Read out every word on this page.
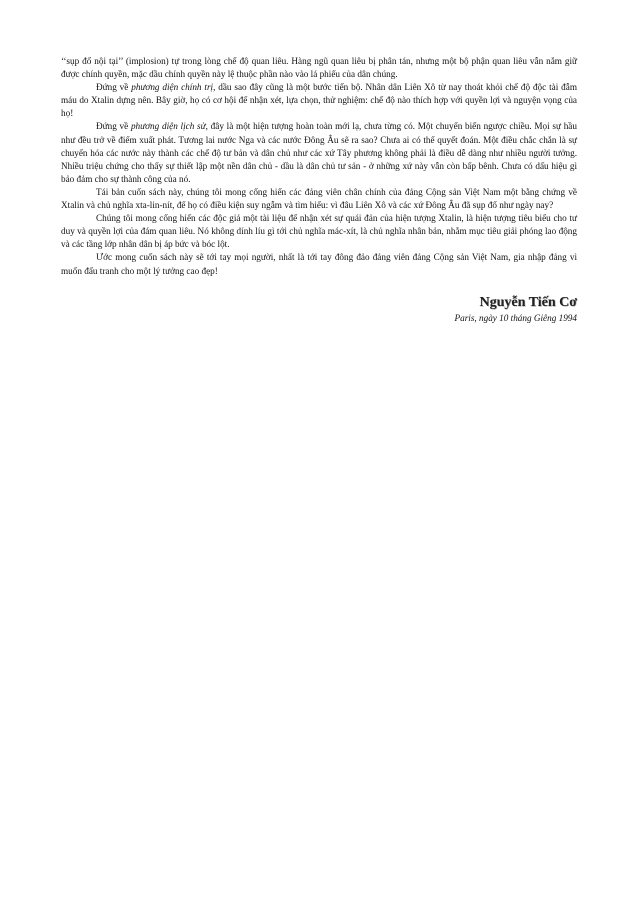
‘‘sụp đổ nội tại’’ (implosion) tự trong lòng chế độ quan liêu. Hàng ngũ quan liêu bị phân tán, nhưng một bộ phận quan liêu vẫn nắm giữ được chính quyền, mặc dầu chính quyền này lệ thuộc phần nào vào lá phiếu của dân chúng.

Đứng về phương diện chính trị, dầu sao đây cũng là một bước tiến bộ. Nhân dân Liên Xô từ nay thoát khỏi chế độ độc tài đẫm máu do Xtalin dựng nên. Bây giờ, họ có cơ hội để nhận xét, lựa chọn, thử nghiệm: chế độ nào thích hợp với quyền lợi và nguyện vọng của họ!

Đứng về phương diện lịch sử, đây là một hiện tượng hoàn toàn mới lạ, chưa từng có. Một chuyển biến ngược chiều. Mọi sự hầu như đều trở về điểm xuất phát. Tương lai nước Nga và các nước Đông Âu sẽ ra sao? Chưa ai có thể quyết đoán. Một điều chắc chắn là sự chuyển hóa các nước này thành các chế độ tư bản và dân chủ như các xứ Tây phương không phải là điều dễ dàng như nhiều người tưởng. Nhiều triệu chứng cho thấy sự thiết lập một nền dân chủ - dầu là dân chủ tư sản - ở những xứ này vẫn còn bấp bênh. Chưa có dấu hiệu gì bảo đảm cho sự thành công của nó.

Tái bản cuốn sách này, chúng tôi mong cống hiến các đảng viên chân chính của đảng Cộng sản Việt Nam một bằng chứng về Xtalin và chủ nghĩa xta-lin-nít, để họ có điều kiện suy ngẫm và tìm hiểu: vì đâu Liên Xô và các xứ Đông Âu đã sụp đổ như ngày nay?

Chúng tôi mong cống hiến các độc giả một tài liệu để nhận xét sự quái đản của hiện tượng Xtalin, là hiện tượng tiêu biểu cho tư duy và quyền lợi của đám quan liêu. Nó không dính líu gì tới chủ nghĩa mác-xít, là chủ nghĩa nhân bản, nhằm mục tiêu giải phóng lao động và các tầng lớp nhân dân bị áp bức và bóc lột.

Ước mong cuốn sách này sẽ tới tay mọi người, nhất là tới tay đông đảo đảng viên đảng Cộng sản Việt Nam, gia nhập đảng vì muốn đấu tranh cho một lý tưởng cao đẹp!

Nguyễn Tiến Cơ
Paris, ngày 10 tháng Giêng 1994
